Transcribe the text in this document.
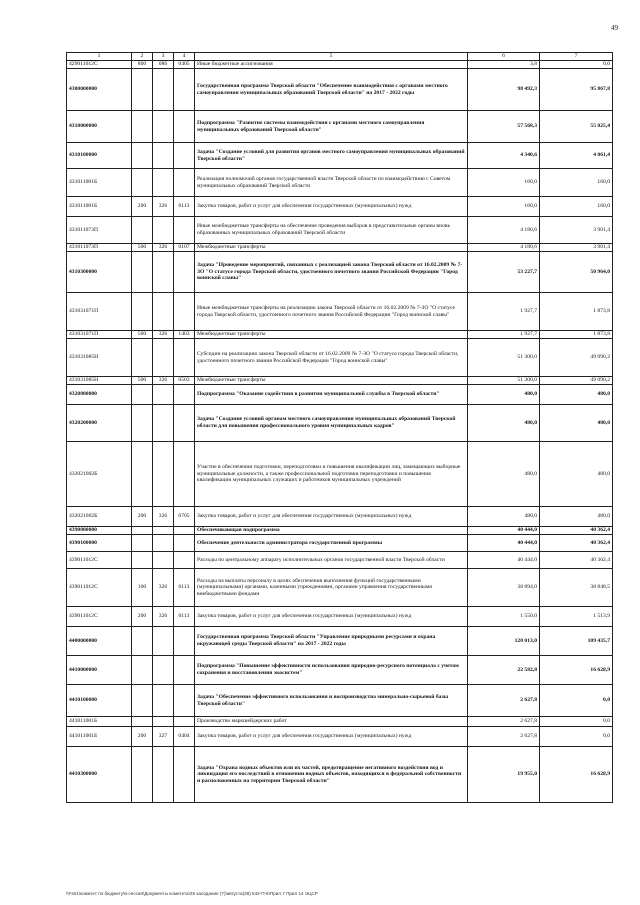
49
1	2	3	4	5	6	7
429011012С	800	086	0405	Иные бюджетные ассигнования	3,8	0,0
4300000000				Государственная программа Тверской области "Обеспечение взаимодействия с органами местного самоуправления муниципальных образований Тверской области" на 2017 - 2022 годы	98 492,3	95 867,8
4310000000				Подпрограмма "Развитие системы взаимодействия с органами местного самоуправления муниципальных образований Тверской области"	57 568,3	55 025,4
4310100000				Задача "Создание условий для развития органов местного самоуправления муниципальных образований Тверской области"	4 340,6	4 061,4
431011001Б				Реализация полномочий органов государственной власти Тверской области по взаимодействию с Советом муниципальных образований Тверской области	160,0	160,0
431011001Б	200	326	0113	Закупка товаров, работ и услуг для обеспечения государственных (муниципальных) нужд	160,0	160,0
431011073П				Иные межбюджетные трансферты на обеспечение проведения выборов в представительные органы вновь образованных муниципальных образований Тверской области	4 180,6	3 901,4
431011073П	500	326	0107	Межбюджетные трансферты	4 180,6	3 901,4
4310300000				Задача "Проведение мероприятий, связанных с реализацией закона Тверской области от 16.02.2009 № 7-ЗО "О статусе города Тверской области, удостоенного почетного звания Российской Федерации "Город воинской славы"	53 227,7	50 964,0
431031071П				Иные межбюджетные трансферты на реализацию закона Тверской области от 16.02.2009 № 7-ЗО "О статусе города Тверской области, удостоенного почетного звания Российской Федерации "Город воинской славы"	1 927,7	1 873,8
431031071П	500	326	1403	Межбюджетные трансферты	1 927,7	1 873,8
431031085Н				Субсидии на реализацию закона Тверской области от 16.02.2009 № 7-ЗО "О статусе города Тверской области, удостоенного почетного звания Российской Федерации "Город воинской славы"	51 300,0	49 090,2
431031085Н	500	326	0503	Межбюджетные трансферты	51 300,0	49 090,2
4320000000				Подпрограмма "Оказание содействия в развитии муниципальной службы в Тверской области"	480,0	480,0
4320200000				Задача "Создание условий органам местного самоуправления муниципальных образований Тверской области для повышения профессионального уровня муниципальных кадров"	480,0	480,0
432021002Б				Участие в обеспечении подготовки, переподготовки и повышения квалификации лиц, замещающих выборные муниципальные должности, а также профессиональной подготовки переподготовки и повышения квалификации муниципальных служащих и работников муниципальных учреждений	480,0	480,0
432021002Б	200	326	0705	Закупка товаров, работ и услуг для обеспечения государственных (муниципальных) нужд	480,0	480,0
4390000000				Обеспечивающая подпрограмма	40 444,0	40 362,4
4390100000				Обеспечение деятельности администратора государственной программы	40 444,0	40 362,4
439011012С				Расходы по центральному аппарату исполнительных органов государственной власти Тверской области	40 444,0	40 362,4
439011012С	100	326	0113	Расходы на выплаты персоналу в целях обеспечения выполнения функций государственными (муниципальными) органами, казенными учреждениями, органами управления государственными внебюджетными фондами	38 894,0	38 848,5
439011012С	200	326	0113	Закупка товаров, работ и услуг для обеспечения государственных (муниципальных) нужд	1 550,0	1 513,9
4400000000				Государственная программа Тверской области "Управление природными ресурсами и охрана окружающей среды Тверской области" на 2017 - 2022 годы	120 013,0	109 435,7
4410000000				Подпрограмма "Повышение эффективности использования природно-ресурсного потенциала с учетом сохранения и восстановления экосистем"	22 582,8	16 628,9
4410100000				Задача "Обеспечение эффективного использования и воспроизводства минерально-сырьевой базы Тверской области"	2 627,8	0,0
441011001Б				Производство маркшейдерских работ	2 627,8	0,0
441011001Б	200	327	0404	Закупка товаров, работ и услуг для обеспечения государственных (муниципальных) нужд	2 627,8	0,0
4410300000				Задача "Охрана водных объектов или их частей, предотвращение негативного воздействия вод и ликвидация его последствий в отношении водных объектов, находящихся в федеральной собственности и расположенных на территории Тверской области"	19 955,0	16 628,9
\\Fs01\комитет по бюджету\6-сессия\Документы комитета\28 заседание (7)\августа(28) 542-П-6\Прил 7 Прил 14 ЭЦСР
